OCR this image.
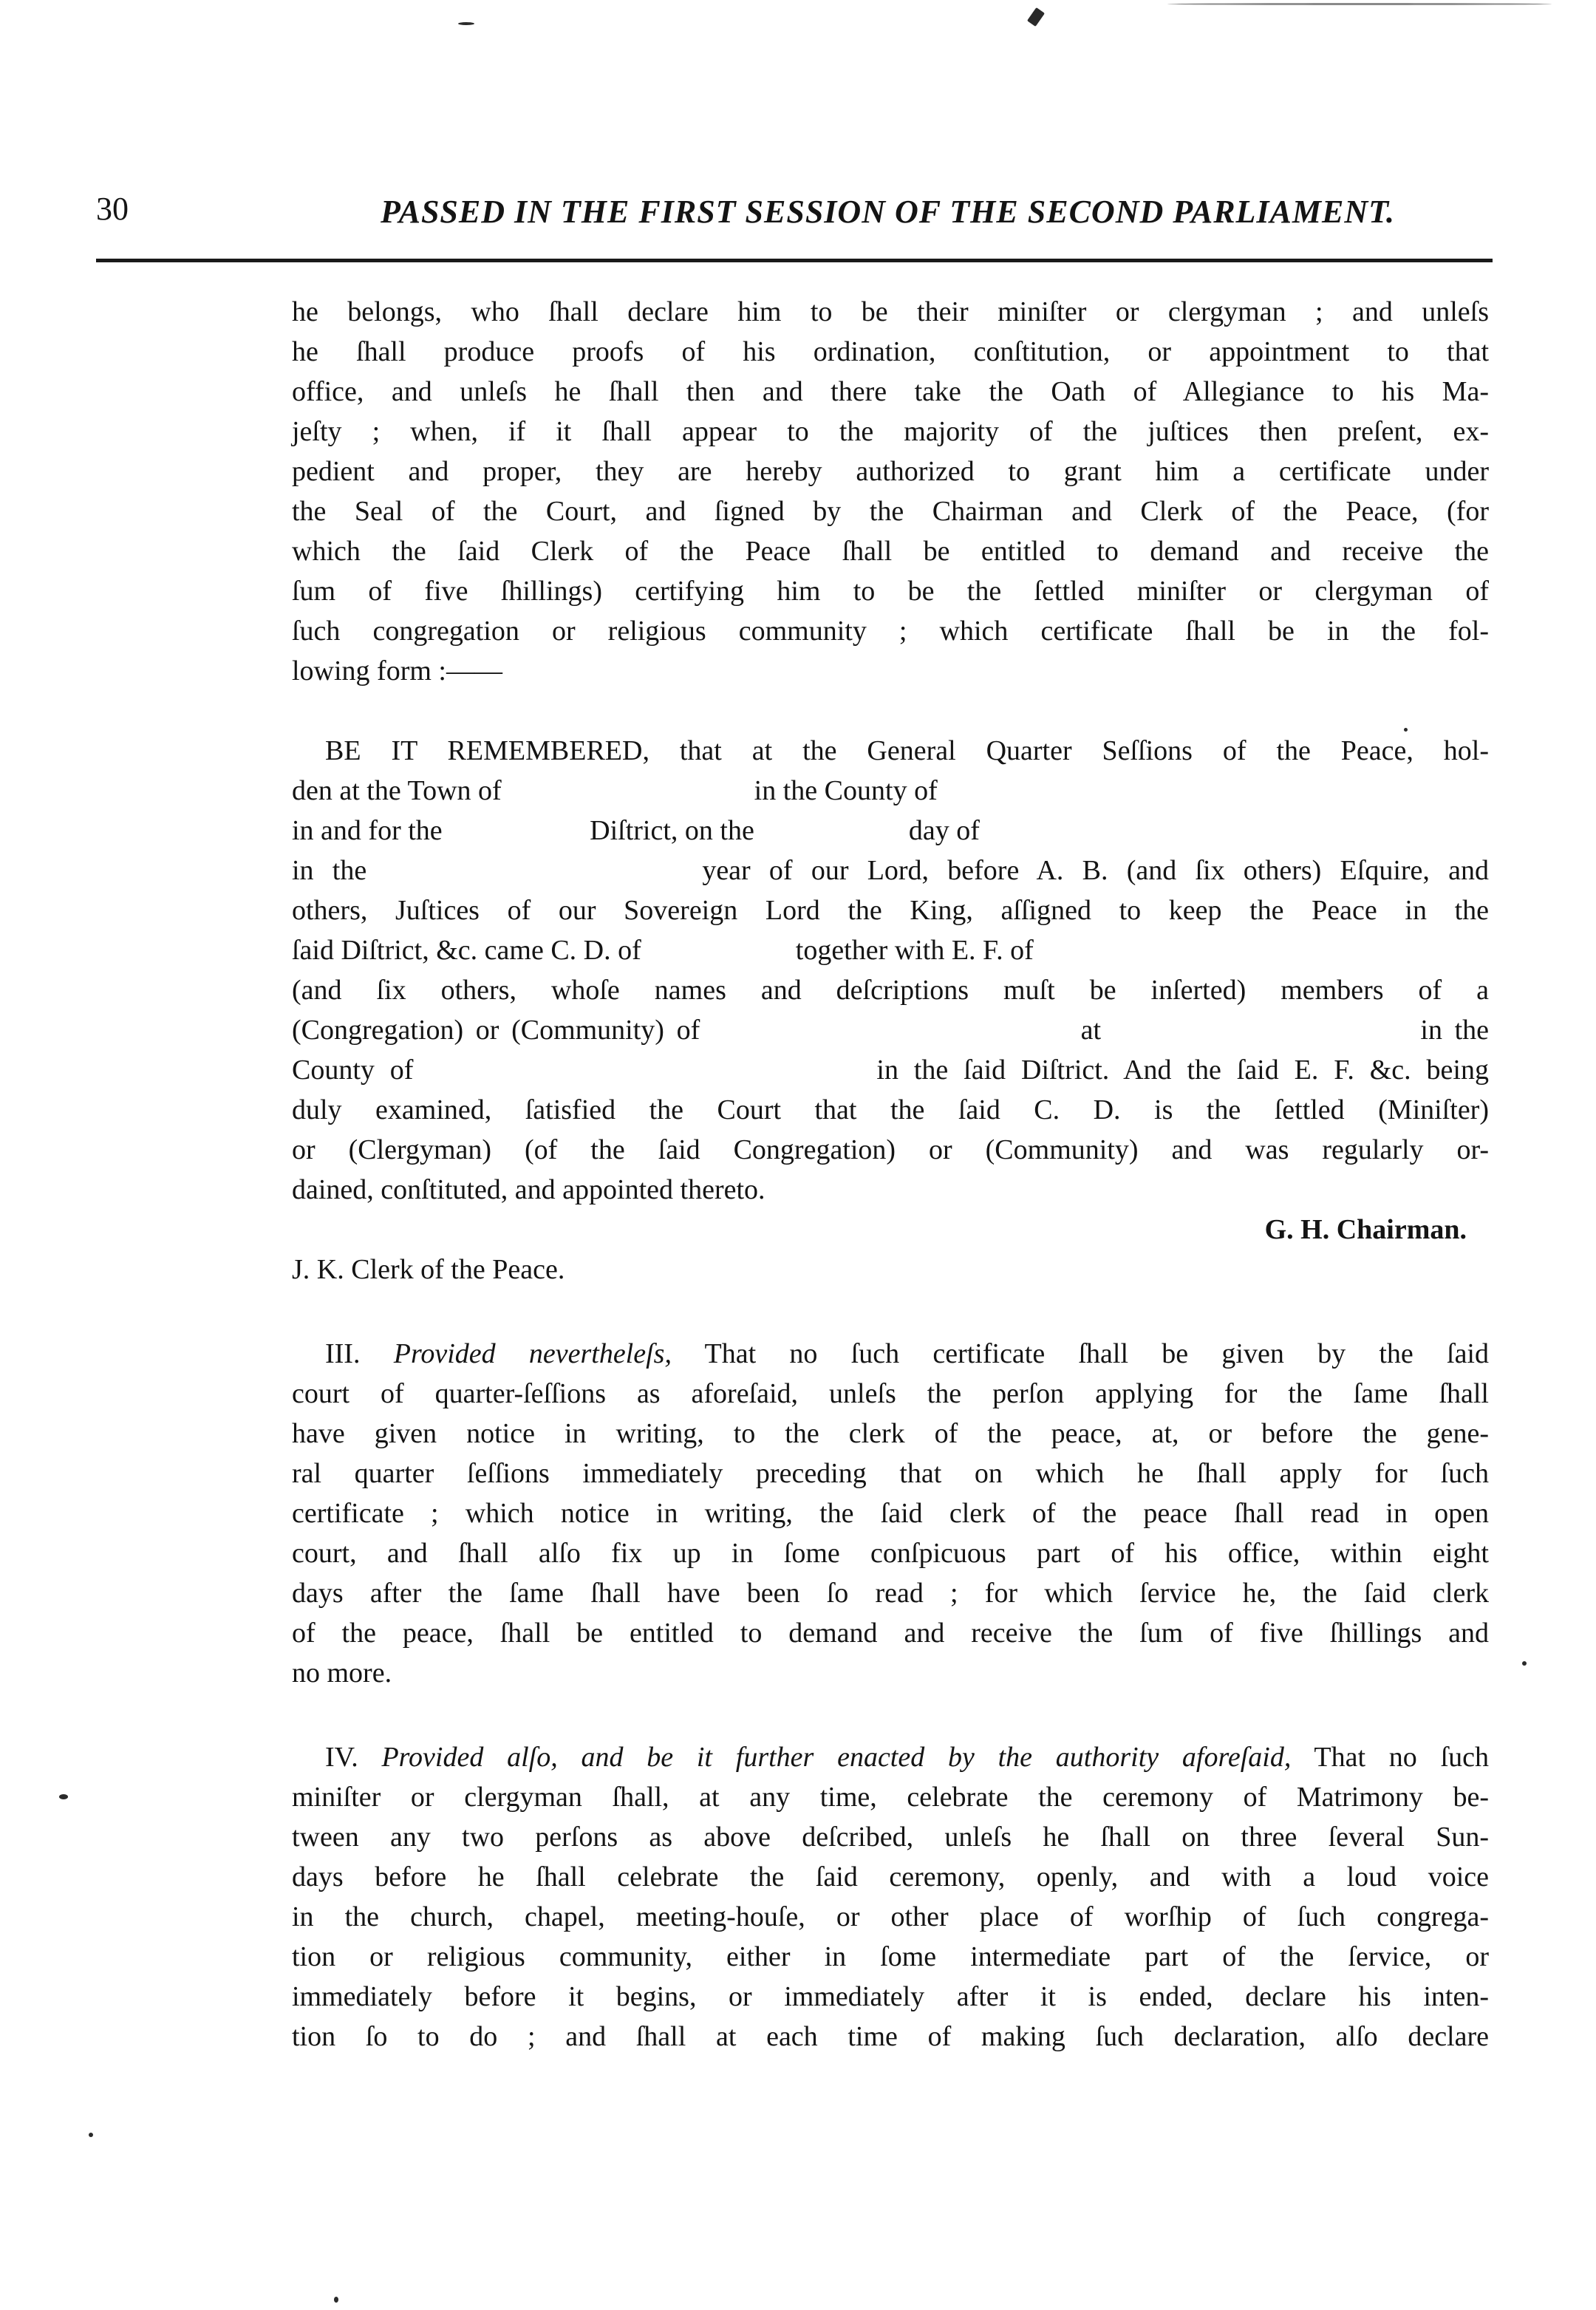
30	PASSED IN THE FIRST SESSION OF THE SECOND PARLIAMENT.
he belongs, who ſhall declare him to be their miniſter or clergyman ; and unleſs
he ſhall produce proofs of his ordination, conſtitution, or appointment to that
office, and unleſs he ſhall then and there take the Oath of Allegiance to his Ma-
jeſty ; when, if it ſhall appear to the majority of the juſtices then preſent, ex-
pedient and proper, they are hereby authorized to grant him a certificate under
the Seal of the Court, and ſigned by the Chairman and Clerk of the Peace, (for
which the ſaid Clerk of the Peace ſhall be entitled to demand and receive the
ſum of five ſhillings) certifying him to be the ſettled miniſter or clergyman of
ſuch congregation or religious community ; which certificate ſhall be in the fol-
lowing form :——
BE IT REMEMBERED, that at the General Quarter Seſſions of the Peace, hol-
den at the Town of                                    in the County of
in and for the                     Diſtrict, on the                      day of
in the                  year of our Lord, before A. B. (and ſix others) Eſquire, and
others, Juſtices of our Sovereign Lord the King, aſſigned to keep the Peace in the
ſaid Diſtrict, &c. came C. D. of                      together with E. F. of
(and ſix others, whoſe names and deſcriptions muſt be inſerted) members of a
(Congregation) or (Community) of                               at                          in the
County of                              in the ſaid Diſtrict. And the ſaid E. F. &c. being
duly examined, ſatisfied the Court that the ſaid C. D. is the ſettled (Miniſter)
or (Clergyman) (of the ſaid Congregation) or (Community) and was regularly or-
dained, conſtituted, and appointed thereto.
G. H. Chairman.
J. K. Clerk of the Peace.
III. Provided nevertheleſs, That no ſuch certificate ſhall be given by the ſaid
court of quarter-ſeſſions as aforeſaid, unleſs the perſon applying for the ſame ſhall
have given notice in writing, to the clerk of the peace, at, or before the gene-
ral quarter ſeſſions immediately preceding that on which he ſhall apply for ſuch
certificate ; which notice in writing, the ſaid clerk of the peace ſhall read in open
court, and ſhall alſo fix up in ſome conſpicuous part of his office, within eight
days after the ſame ſhall have been ſo read ; for which ſervice he, the ſaid clerk
of the peace, ſhall be entitled to demand and receive the ſum of five ſhillings and
no more.
IV. Provided alſo, and be it further enacted by the authority aforeſaid, That no ſuch
miniſter or clergyman ſhall, at any time, celebrate the ceremony of Matrimony be-
tween any two perſons as above deſcribed, unleſs he ſhall on three ſeveral Sun-
days before he ſhall celebrate the ſaid ceremony, openly, and with a loud voice
in the church, chapel, meeting-houſe, or other place of worſhip of ſuch congrega-
tion or religious community, either in ſome intermediate part of the ſervice, or
immediately before it begins, or immediately after it is ended, declare his inten-
tion ſo to do ; and ſhall at each time of making ſuch declaration, alſo declare
